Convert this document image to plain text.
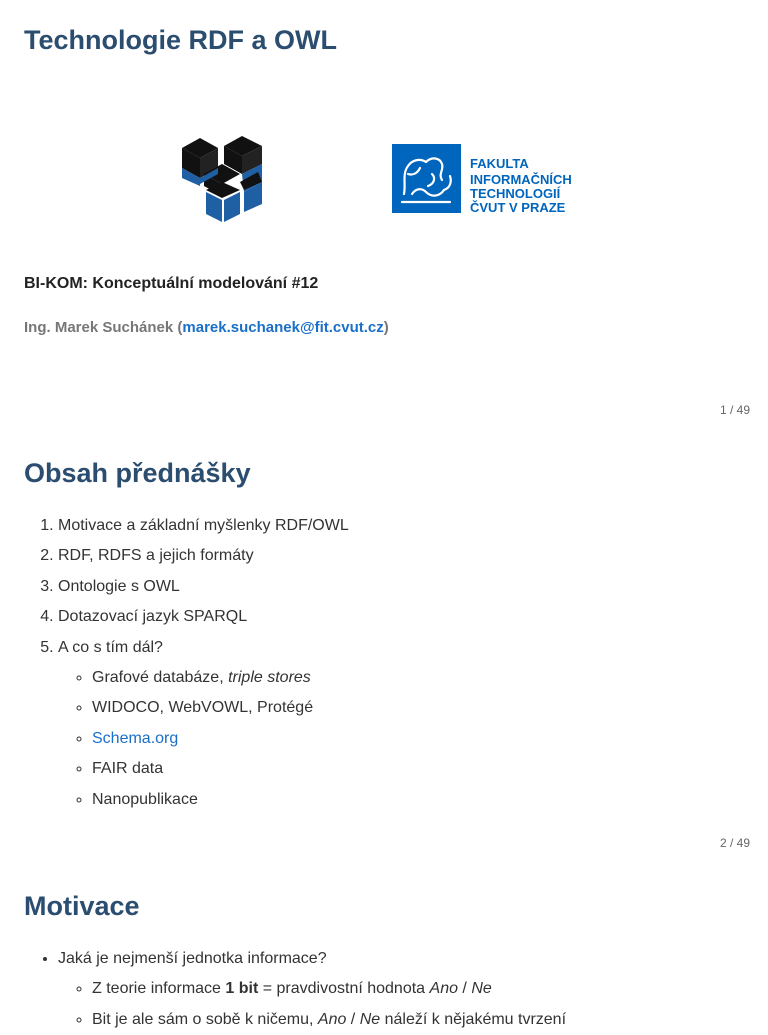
Technologie RDF a OWL
FAKULTA
INFORMAČNÍCH
TECHNOLOGIÍ
ČVUT V PRAZE

BI-KOM: Konceptuální modelování #12

Ing. Marek Suchánek (marek.suchanek@fit.cvut.cz)
1 / 49
Obsah přednášky
1. Motivace a základní myšlenky RDF/OWL
2. RDF, RDFS a jejich formáty
3. Ontologie s OWL
4. Dotazovací jazyk SPARQL
5. A co s tím dál?
◦ Grafové databáze, triple stores
◦ WIDOCO, WebVOWL, Protégé
◦ Schema.org
◦ FAIR data
◦ Nanopublikace
2 / 49
Motivace
• Jaká je nejmenší jednotka informace?
◦ Z teorie informace 1 bit = pravdivostní hodnota Ano / Ne
◦ Bit je ale sám o sobě k ničemu, Ano / Ne náleží k nějakému tvrzení
